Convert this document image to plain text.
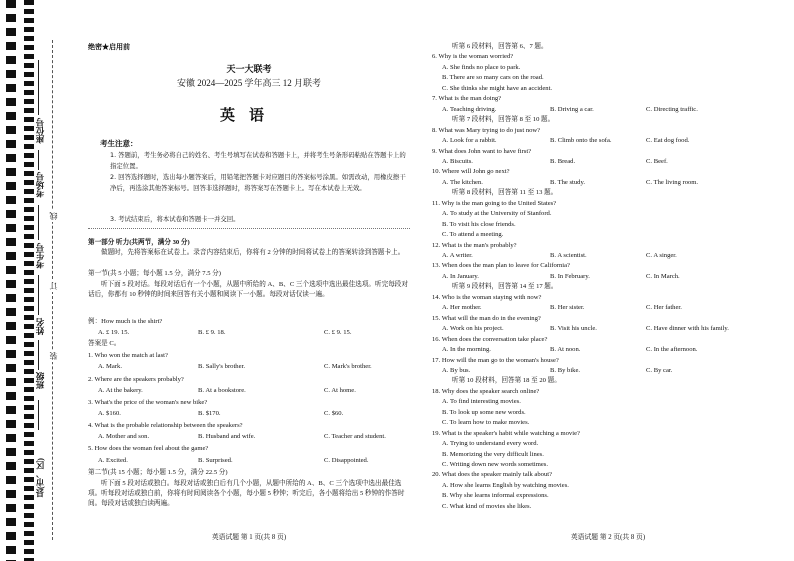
座位号
考场号
考生号
姓名
班级
县(市、区)
线
订
装
绝密★启用前
天一大联考
安徽 2024—2025 学年高三 12 月联考
英语
考生注意：
1. 答题前，考生务必将自己的姓名、考生号填写在试卷和答题卡上，并将考生号条形码粘贴在答题卡上的指定位置。
2. 回答选择题时，选出每小题答案后，用铅笔把答题卡对应题目的答案标号涂黑。如需改动，用橡皮擦干净后，再选涂其他答案标号。回答非选择题时，将答案写在答题卡上。写在本试卷上无效。
3. 考试结束后，将本试卷和答题卡一并交回。
第一部分 听力(共两节，满分 30 分)
做题时，先将答案标在试卷上。录音内容结束后，你将有 2 分钟的时间将试卷上的答案转涂到答题卡上。
第一节(共 5 小题；每小题 1.5 分，满分 7.5 分)
听下面 5 段对话。每段对话后有一个小题，从题中所给的 A、B、C 三个选项中选出最佳选项。听完每段对话后，你都有 10 秒钟的时间来回答有关小题和阅读下一小题。每段对话仅读一遍。
例：How much is the shirt?
A. £ 19. 15.	B. £ 9. 18.	C. £ 9. 15.
答案是 C。
1. Who won the match at last?
A. Mark.	B. Sally's brother.	C. Mark's brother.
2. Where are the speakers probably?
A. At the bakery.	B. At a bookstore.	C. At home.
3. What's the price of the woman's new bike?
A. $160.	B. $170.	C. $60.
4. What is the probable relationship between the speakers?
A. Mother and son.	B. Husband and wife.	C. Teacher and student.
5. How does the woman feel about the game?
A. Excited.	B. Surprised.	C. Disappointed.
第二节(共 15 小题；每小题 1.5 分，满分 22.5 分)
听下面 5 段对话或独白。每段对话或独白后有几个小题，从题中所给的 A、B、C 三个选项中选出最佳选项。听每段对话或独白前，你将有时间阅读各个小题，每小题 5 秒钟；听完后，各小题将给出 5 秒钟的作答时间。每段对话或独白读两遍。
英语试题 第 1 页(共 8 页)
听第 6 段材料，回答第 6、7 题。
6. Why is the woman worried?
A. She finds no place to park.
B. There are so many cars on the road.
C. She thinks she might have an accident.
7. What is the man doing?
A. Teaching driving.	B. Driving a car.	C. Directing traffic.
听第 7 段材料，回答第 8 至 10 题。
8. What was Mary trying to do just now?
A. Look for a rabbit.	B. Climb onto the sofa.	C. Eat dog food.
9. What does John want to have first?
A. Biscuits.	B. Bread.	C. Beef.
10. Where will John go next?
A. The kitchen.	B. The study.	C. The living room.
听第 8 段材料，回答第 11 至 13 题。
11. Why is the man going to the United States?
A. To study at the University of Stanford.
B. To visit his close friends.
C. To attend a meeting.
12. What is the man's probably?
A. A writer.	B. A scientist.	C. A singer.
13. When does the man plan to leave for California?
A. In January.	B. In February.	C. In March.
听第 9 段材料，回答第 14 至 17 题。
14. Who is the woman staying with now?
A. Her mother.	B. Her sister.	C. Her father.
15. What will the man do in the evening?
A. Work on his project.	B. Visit his uncle.	C. Have dinner with his family.
16. When does the conversation take place?
A. In the morning.	B. At noon.	C. In the afternoon.
17. How will the man go to the woman's house?
A. By bus.	B. By bike.	C. By car.
听第 10 段材料，回答第 18 至 20 题。
18. Why does the speaker search online?
A. To find interesting movies.
B. To look up some new words.
C. To learn how to make movies.
19. What is the speaker's habit while watching a movie?
A. Trying to understand every word.
B. Memorizing the very difficult lines.
C. Writing down new words sometimes.
20. What does the speaker mainly talk about?
A. How she learns English by watching movies.
B. Why she learns informal expressions.
C. What kind of movies she likes.
英语试题 第 2 页(共 8 页)
